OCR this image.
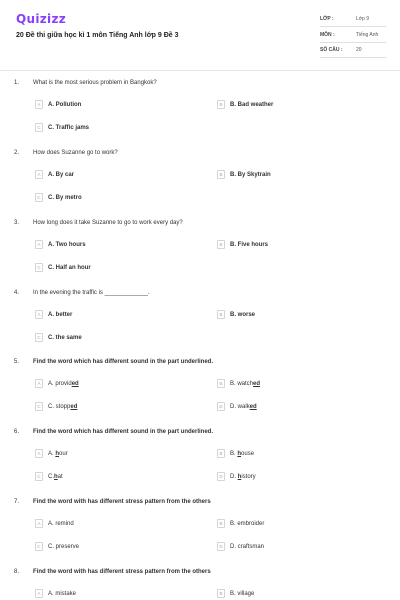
Quizizz
20 Đề thi giữa học kì 1 môn Tiếng Anh lớp 9 Đề 3
LỚP :	Lớp 9
MÔN :	Tiếng Anh
SỐ CÂU :	20
1. What is the most serious problem in Bangkok?
A	A. Pollution	B	B. Bad weather
C	C. Traffic jams
2. How does Suzanne go to work?
A	A. By car	B	B. By Skytrain
C	C. By metro
3. How long does it take Suzanne to go to work every day?
A	A. Two hours	B	B. Five hours
C	C. Half an hour
4. In the evening the traffic is _____________.
A	A. better	B	B. worse
C	C. the same
5. Find the word which has different sound in the part underlined.
A	A. provided	B	B. watched
C	C. stopped	D	D. walked
6. Find the word which has different sound in the part underlined.
A	A. hour	B	B. house
C	C.hat	D	D. history
7. Find the word with has different stress pattern from the others
A	A. remind	B	B. embroider
C	C. preserve	D	D. craftsman
8. Find the word with has different stress pattern from the others
A	A. mistake	B	B. village
